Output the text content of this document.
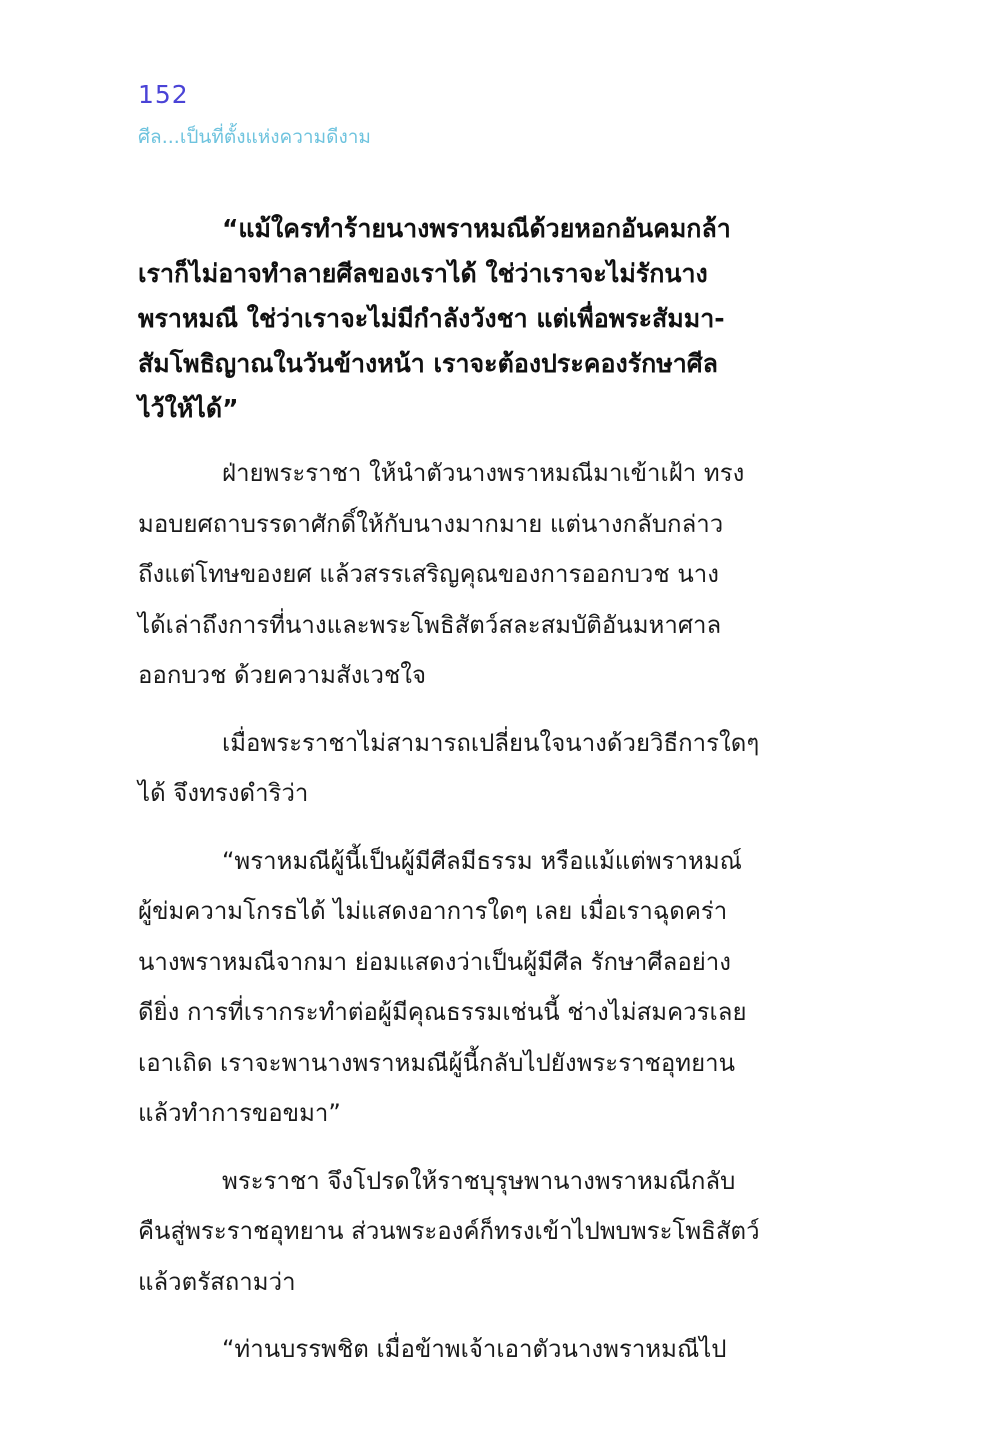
152
ศีล...เป็นที่ตั้งแห่งความดีงาม

“แม้ใครทำร้ายนางพราหมณีด้วยหอกอันคมกล้า
เราก็ไม่อาจทำลายศีลของเราได้ ใช่ว่าเราจะไม่รักนาง
พราหมณี ใช่ว่าเราจะไม่มีกำลังวังชา แต่เพื่อพระสัมมา-
สัมโพธิญาณในวันข้างหน้า เราจะต้องประคองรักษาศีล
ไว้ให้ได้”

ฝ่ายพระราชา ให้นำตัวนางพราหมณีมาเข้าเฝ้า ทรง
มอบยศถาบรรดาศักดิ์ให้กับนางมากมาย แต่นางกลับกล่าว
ถึงแต่โทษของยศ แล้วสรรเสริญคุณของการออกบวช นาง
ได้เล่าถึงการที่นางและพระโพธิสัตว์สละสมบัติอันมหาศาล
ออกบวช ด้วยความสังเวชใจ

เมื่อพระราชาไม่สามารถเปลี่ยนใจนางด้วยวิธีการใดๆ
ได้ จึงทรงดำริว่า

“พราหมณีผู้นี้เป็นผู้มีศีลมีธรรม หรือแม้แต่พราหมณ์
ผู้ข่มความโกรธได้ ไม่แสดงอาการใดๆ เลย เมื่อเราฉุดคร่า
นางพราหมณีจากมา ย่อมแสดงว่าเป็นผู้มีศีล รักษาศีลอย่าง
ดียิ่ง การที่เรากระทำต่อผู้มีคุณธรรมเช่นนี้ ช่างไม่สมควรเลย
เอาเถิด เราจะพานางพราหมณีผู้นี้กลับไปยังพระราชอุทยาน
แล้วทำการขอขมา”

พระราชา จึงโปรดให้ราชบุรุษพานางพราหมณีกลับ
คืนสู่พระราชอุทยาน ส่วนพระองค์ก็ทรงเข้าไปพบพระโพธิสัตว์
แล้วตรัสถามว่า

“ท่านบรรพชิต เมื่อข้าพเจ้าเอาตัวนางพราหมณีไป
